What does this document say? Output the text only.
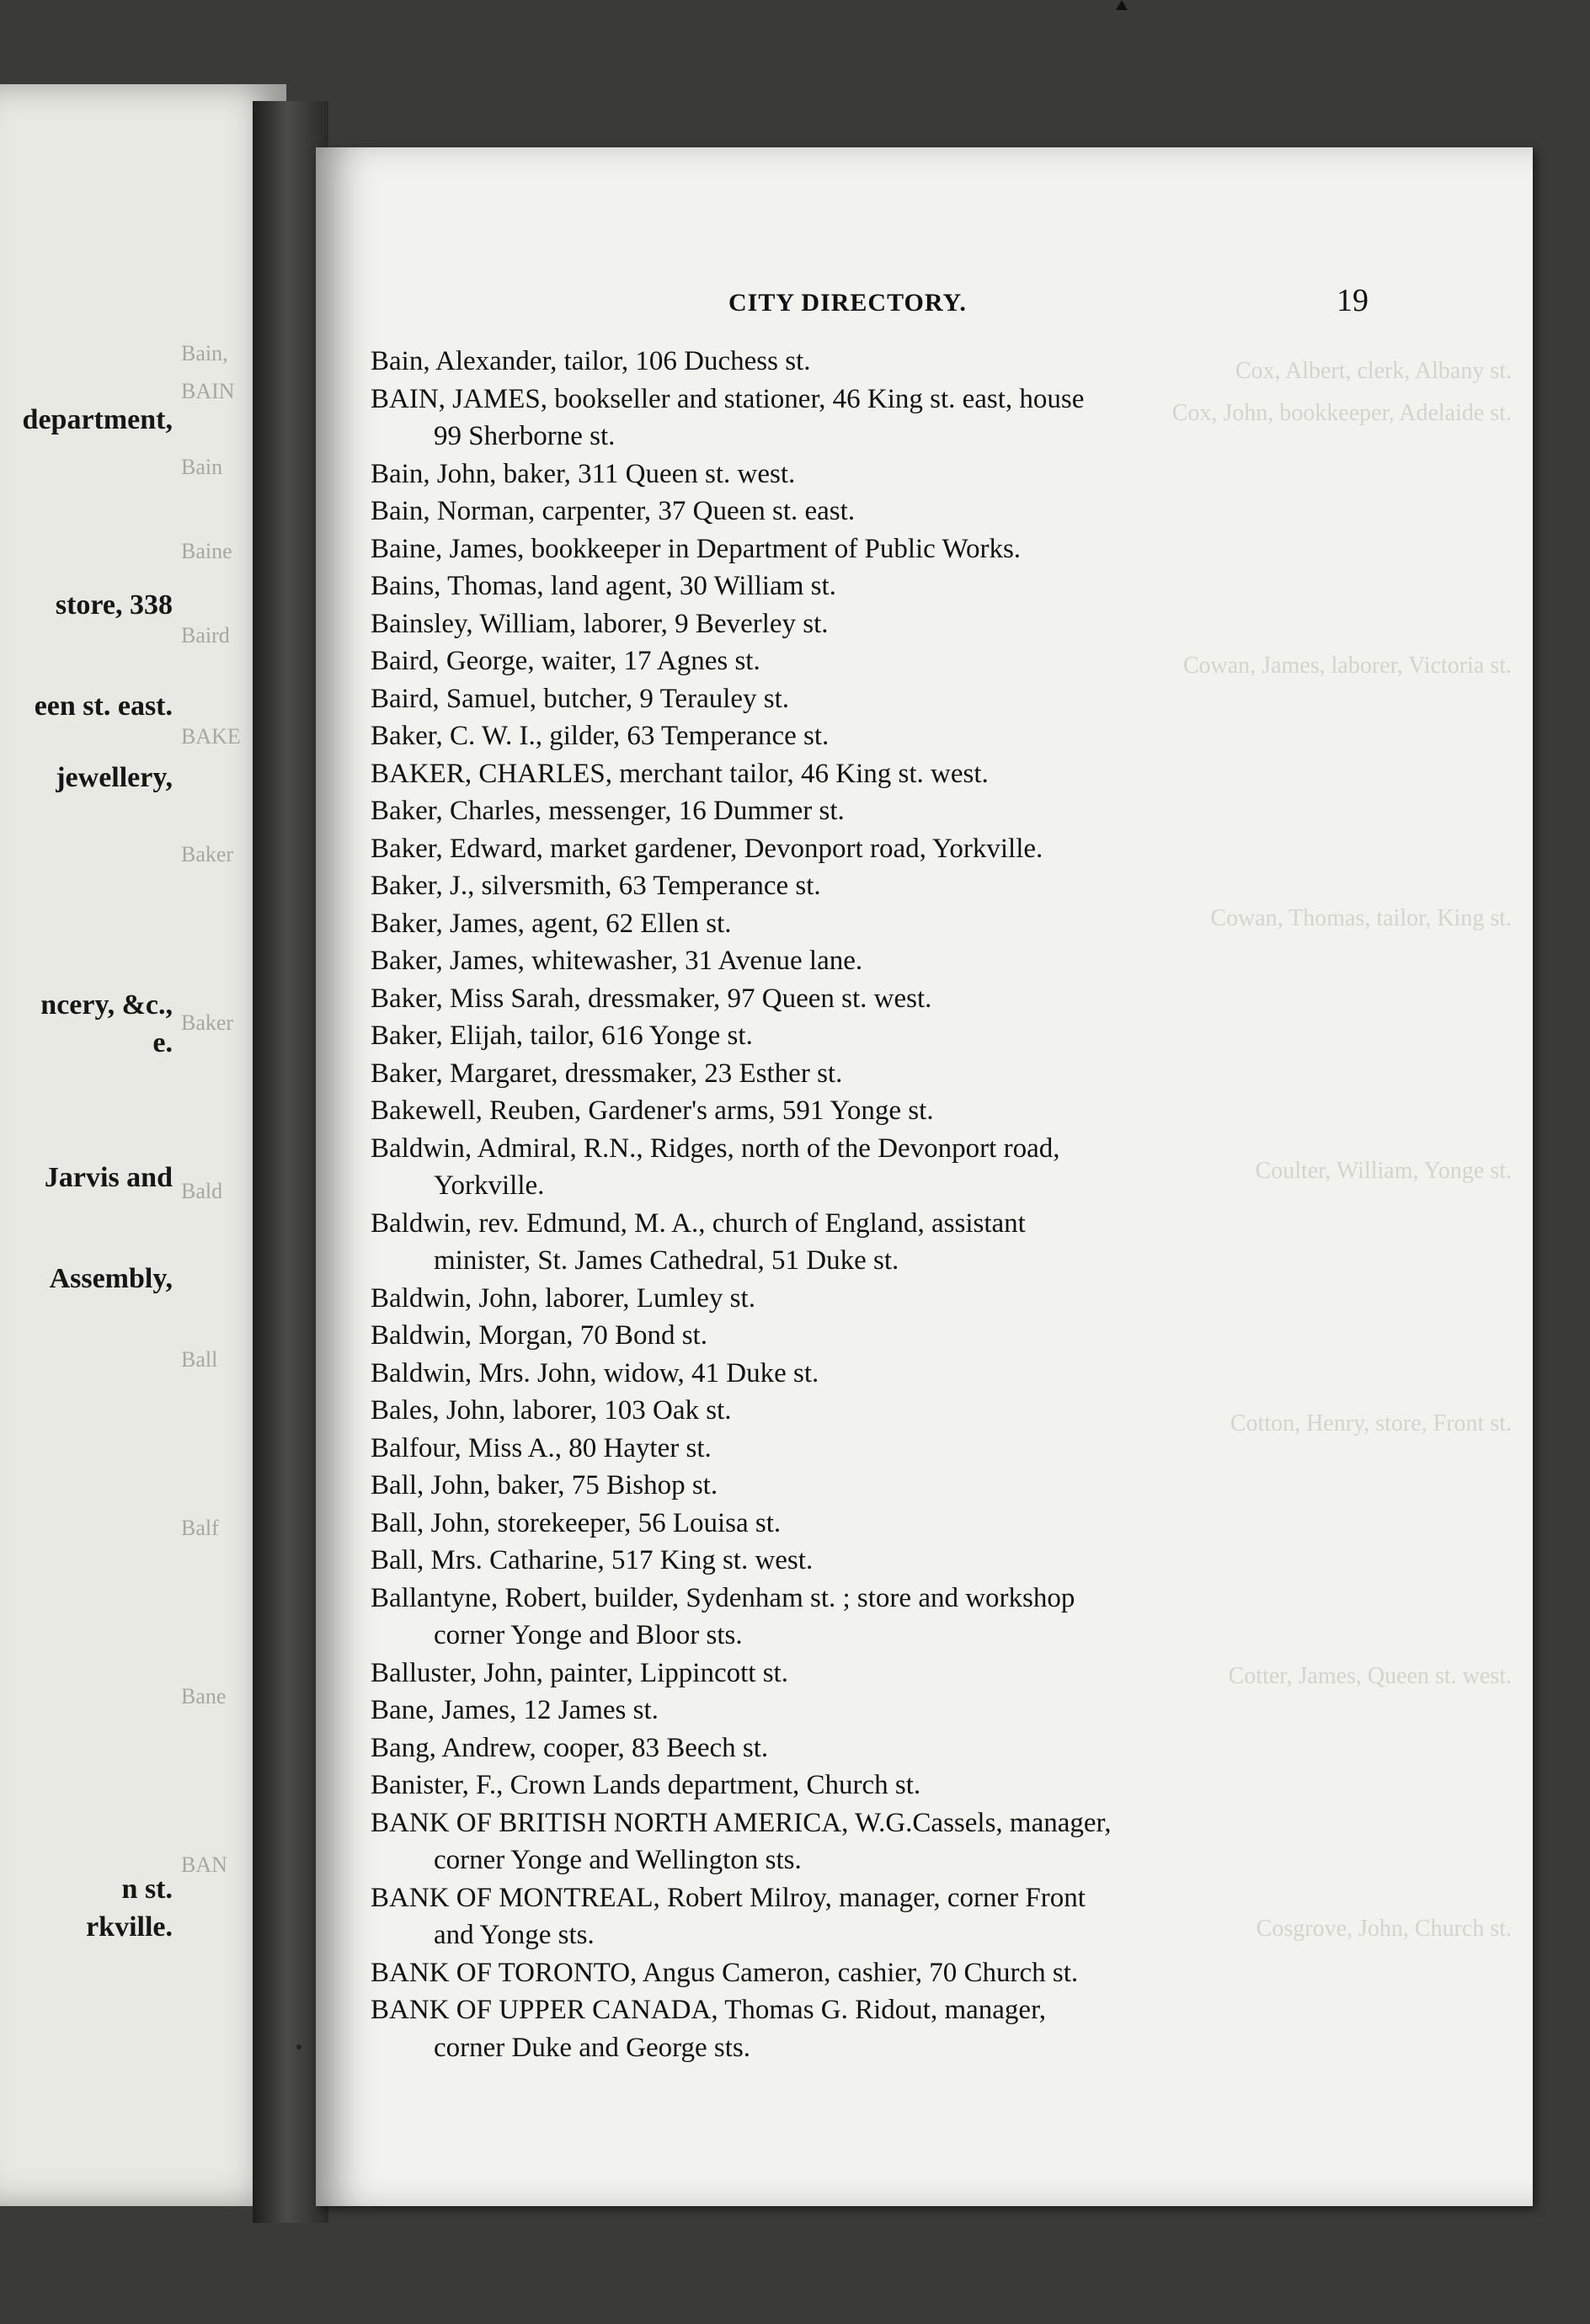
Bain,
BAIN
Bain
Baine
Baird
BAKE
Baker
Baker
Bald
Ball
Balf
Bane
BAN
department,
store, 338
een st. east.
jewellery,
ncery, &c.,
e.
Jarvis and
Assembly,
n st.
rkville.
Cox, Albert, clerk, Albany st.
Cox, John, bookkeeper, Adelaide st.
Cowan, James, laborer, Victoria st.
Cowan, Thomas, tailor, King st.
Coulter, William, Yonge st.
Cotton, Henry, store, Front st.
Cotter, James, Queen st. west.
Cosgrove, John, Church st.
CITY DIRECTORY.	19
Bain, Alexander, tailor, 106 Duchess st.
BAIN, JAMES, bookseller and stationer, 46 King st. east, house
99 Sherborne st.
Bain, John, baker, 311 Queen st. west.
Bain, Norman, carpenter, 37 Queen st. east.
Baine, James, bookkeeper in Department of Public Works.
Bains, Thomas, land agent, 30 William st.
Bainsley, William, laborer, 9 Beverley st.
Baird, George, waiter, 17 Agnes st.
Baird, Samuel, butcher, 9 Terauley st.
Baker, C. W. I., gilder, 63 Temperance st.
BAKER, CHARLES, merchant tailor, 46 King st. west.
Baker, Charles, messenger, 16 Dummer st.
Baker, Edward, market gardener, Devonport road, Yorkville.
Baker, J., silversmith, 63 Temperance st.
Baker, James, agent, 62 Ellen st.
Baker, James, whitewasher, 31 Avenue lane.
Baker, Miss Sarah, dressmaker, 97 Queen st. west.
Baker, Elijah, tailor, 616 Yonge st.
Baker, Margaret, dressmaker, 23 Esther st.
Bakewell, Reuben, Gardener's arms, 591 Yonge st.
Baldwin, Admiral, R.N., Ridges, north of the Devonport road,
Yorkville.
Baldwin, rev. Edmund, M. A., church of England, assistant
minister, St. James Cathedral, 51 Duke st.
Baldwin, John, laborer, Lumley st.
Baldwin, Morgan, 70 Bond st.
Baldwin, Mrs. John, widow, 41 Duke st.
Bales, John, laborer, 103 Oak st.
Balfour, Miss A., 80 Hayter st.
Ball, John, baker, 75 Bishop st.
Ball, John, storekeeper, 56 Louisa st.
Ball, Mrs. Catharine, 517 King st. west.
Ballantyne, Robert, builder, Sydenham st. ; store and workshop
corner Yonge and Bloor sts.
Balluster, John, painter, Lippincott st.
Bane, James, 12 James st.
Bang, Andrew, cooper, 83 Beech st.
Banister, F., Crown Lands department, Church st.
BANK OF BRITISH NORTH AMERICA, W.G.Cassels, manager,
corner Yonge and Wellington sts.
BANK OF MONTREAL, Robert Milroy, manager, corner Front
and Yonge sts.
BANK OF TORONTO, Angus Cameron, cashier, 70 Church st.
BANK OF UPPER CANADA, Thomas G. Ridout, manager,
corner Duke and George sts.
